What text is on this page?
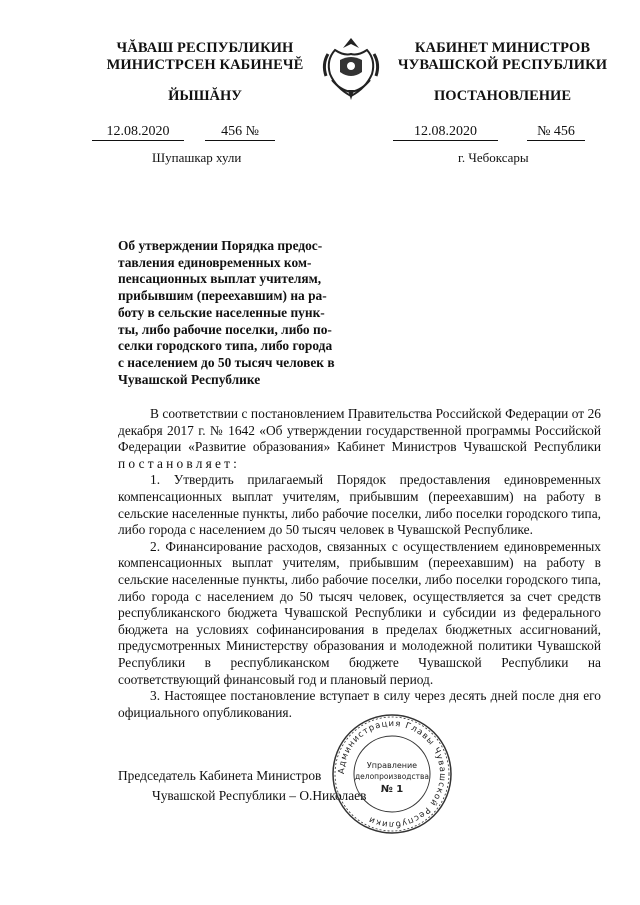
ЧĂВАШ РЕСПУБЛИКИН
МИНИСТРСЕН КАБИНЕЧĔ
ЙЫШĂНУ
КАБИНЕТ МИНИСТРОВ
ЧУВАШСКОЙ РЕСПУБЛИКИ
ПОСТАНОВЛЕНИЕ
12.08.2020	456 №	12.08.2020	№ 456
Шупашкар хули	г. Чебоксары
Об утверждении Порядка предос-
тавления единовременных ком-
пенсационных выплат учителям,
прибывшим (переехавшим) на ра-
боту в сельские населенные пунк-
ты, либо рабочие поселки, либо по-
селки городского типа, либо города
с населением до 50 тысяч человек в
Чувашской Республике

В соответствии с постановлением Правительства Российской Федерации от 26 декабря 2017 г. № 1642 «Об утверждении государственной программы Российской Федерации «Развитие образования» Кабинет Министров Чувашской Республики постановляет:

1. Утвердить прилагаемый Порядок предоставления единовременных компенсационных выплат учителям, прибывшим (переехавшим) на работу в сельские населенные пункты, либо рабочие поселки, либо поселки городского типа, либо города с населением до 50 тысяч человек в Чувашской Республике.

2. Финансирование расходов, связанных с осуществлением единовременных компенсационных выплат учителям, прибывшим (переехавшим) на работу в сельские населенные пункты, либо рабочие поселки, либо поселки городского типа, либо города с населением до 50 тысяч человек, осуществляется за счет средств республиканского бюджета Чувашской Республики и субсидии из федерального бюджета на условиях софинансирования в пределах бюджетных ассигнований, предусмотренных Министерству образования и молодежной политики Чувашской Республики в республиканском бюджете Чувашской Республики на соответствующий финансовый год и плановый период.

3. Настоящее постановление вступает в силу через десять дней после дня его официального опубликования.

Председатель Кабинета Министров
Чувашской Республики – О.Николаев
Администрация Главы Чувашской Республики
Управление
делопроизводства
№ 1
